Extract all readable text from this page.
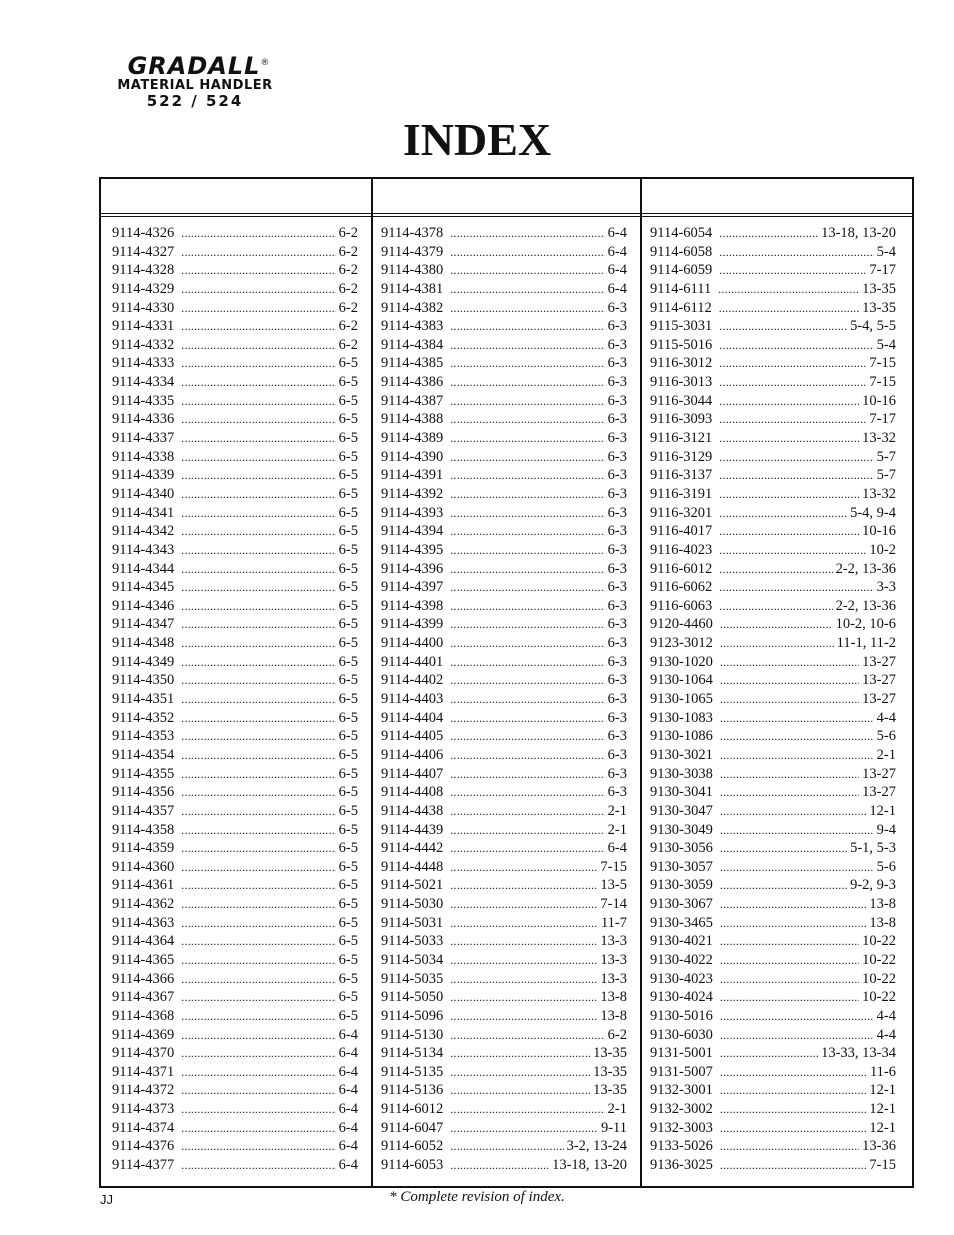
GRADALL®
MATERIAL HANDLER
522 / 524
INDEX
9114-4326 .....	6-2
9114-4327 .....	6-2
9114-4328 .....	6-2
9114-4329 .....	6-2
9114-4330 .....	6-2
9114-4331 .....	6-2
9114-4332 .....	6-2
9114-4333 .....	6-5
9114-4334 .....	6-5
9114-4335 .....	6-5
9114-4336 .....	6-5
9114-4337 .....	6-5
9114-4338 .....	6-5
9114-4339 .....	6-5
9114-4340 .....	6-5
9114-4341 .....	6-5
9114-4342 .....	6-5
9114-4343 .....	6-5
9114-4344 .....	6-5
9114-4345 .....	6-5
9114-4346 .....	6-5
9114-4347 .....	6-5
9114-4348 .....	6-5
9114-4349 .....	6-5
9114-4350 .....	6-5
9114-4351 .....	6-5
9114-4352 .....	6-5
9114-4353 .....	6-5
9114-4354 .....	6-5
9114-4355 .....	6-5
9114-4356 .....	6-5
9114-4357 .....	6-5
9114-4358 .....	6-5
9114-4359 .....	6-5
9114-4360 .....	6-5
9114-4361 .....	6-5
9114-4362 .....	6-5
9114-4363 .....	6-5
9114-4364 .....	6-5
9114-4365 .....	6-5
9114-4366 .....	6-5
9114-4367 .....	6-5
9114-4368 .....	6-5
9114-4369 .....	6-4
9114-4370 .....	6-4
9114-4371 .....	6-4
9114-4372 .....	6-4
9114-4373 .....	6-4
9114-4374 .....	6-4
9114-4376 .....	6-4
9114-4377 .....	6-4
9114-4378 .....	6-4
9114-4379 .....	6-4
9114-4380 .....	6-4
9114-4381 .....	6-4
9114-4382 .....	6-3
9114-4383 .....	6-3
9114-4384 .....	6-3
9114-4385 .....	6-3
9114-4386 .....	6-3
9114-4387 .....	6-3
9114-4388 .....	6-3
9114-4389 .....	6-3
9114-4390 .....	6-3
9114-4391 .....	6-3
9114-4392 .....	6-3
9114-4393 .....	6-3
9114-4394 .....	6-3
9114-4395 .....	6-3
9114-4396 .....	6-3
9114-4397 .....	6-3
9114-4398 .....	6-3
9114-4399 .....	6-3
9114-4400 .....	6-3
9114-4401 .....	6-3
9114-4402 .....	6-3
9114-4403 .....	6-3
9114-4404 .....	6-3
9114-4405 .....	6-3
9114-4406 .....	6-3
9114-4407 .....	6-3
9114-4408 .....	6-3
9114-4438 .....	2-1
9114-4439 .....	2-1
9114-4442 .....	6-4
9114-4448 .....	7-15
9114-5021 .....	13-5
9114-5030 .....	7-14
9114-5031 .....	11-7
9114-5033 .....	13-3
9114-5034 .....	13-3
9114-5035 .....	13-3
9114-5050 .....	13-8
9114-5096 .....	13-8
9114-5130 .....	6-2
9114-5134 .....	13-35
9114-5135 .....	13-35
9114-5136 .....	13-35
9114-6012 .....	2-1
9114-6047 .....	9-11
9114-6052 .....	3-2, 13-24
9114-6053 .....	13-18, 13-20
9114-6054 .....	13-18, 13-20
9114-6058 .....	5-4
9114-6059 .....	7-17
9114-6111 .....	13-35
9114-6112 .....	13-35
9115-3031 .....	5-4, 5-5
9115-5016 .....	5-4
9116-3012 .....	7-15
9116-3013 .....	7-15
9116-3044 .....	10-16
9116-3093 .....	7-17
9116-3121 .....	13-32
9116-3129 .....	5-7
9116-3137 .....	5-7
9116-3191 .....	13-32
9116-3201 .....	5-4, 9-4
9116-4017 .....	10-16
9116-4023 .....	10-2
9116-6012 .....	2-2, 13-36
9116-6062 .....	3-3
9116-6063 .....	2-2, 13-36
9120-4460 .....	10-2, 10-6
9123-3012 .....	11-1, 11-2
9130-1020 .....	13-27
9130-1064 .....	13-27
9130-1065 .....	13-27
9130-1083 .....	4-4
9130-1086 .....	5-6
9130-3021 .....	2-1
9130-3038 .....	13-27
9130-3041 .....	13-27
9130-3047 .....	12-1
9130-3049 .....	9-4
9130-3056 .....	5-1, 5-3
9130-3057 .....	5-6
9130-3059 .....	9-2, 9-3
9130-3067 .....	13-8
9130-3465 .....	13-8
9130-4021 .....	10-22
9130-4022 .....	10-22
9130-4023 .....	10-22
9130-4024 .....	10-22
9130-5016 .....	4-4
9130-6030 .....	4-4
9131-5001 .....	13-33, 13-34
9131-5007 .....	11-6
9132-3001 .....	12-1
9132-3002 .....	12-1
9132-3003 .....	12-1
9133-5026 .....	13-36
9136-3025 .....	7-15
JJ	* Complete revision of index.
